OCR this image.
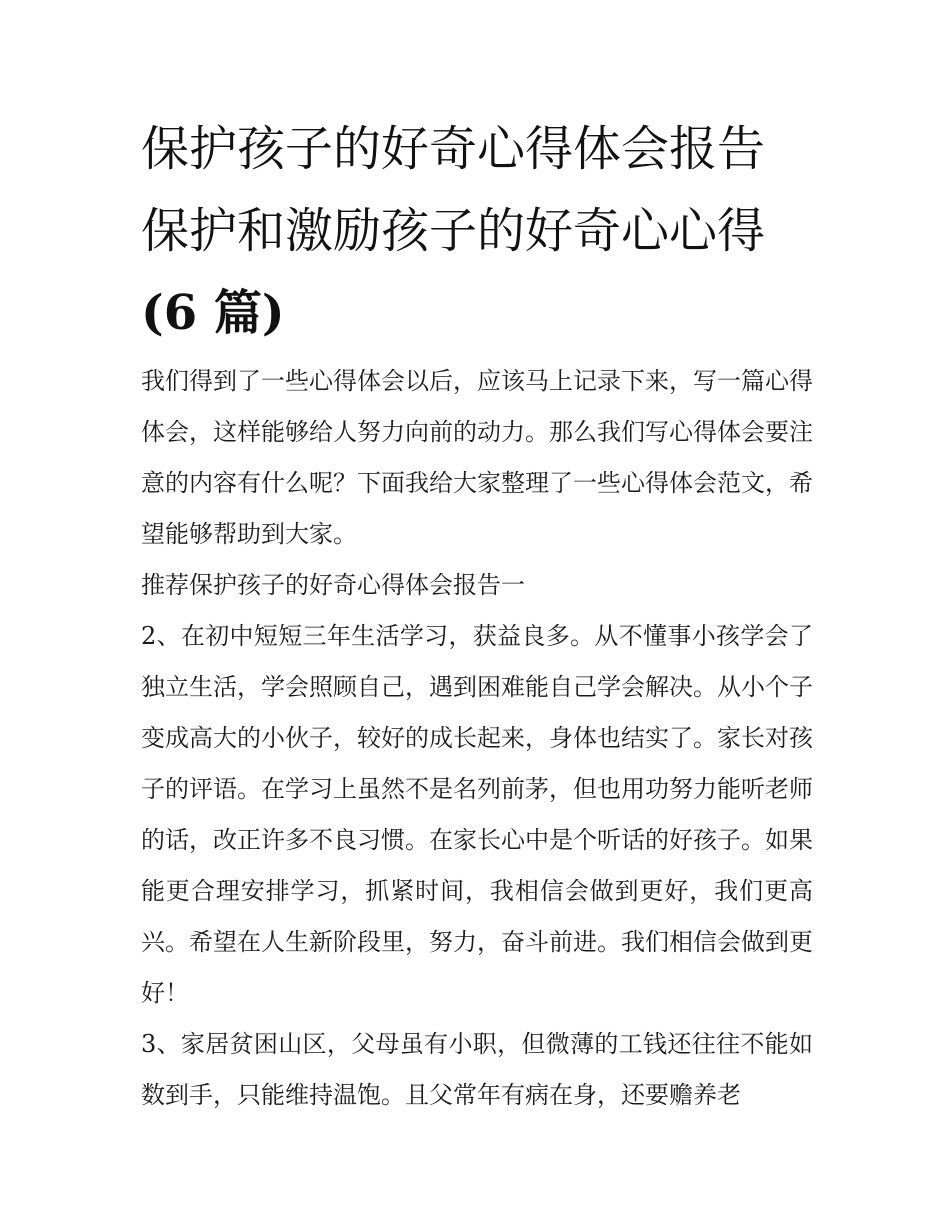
保护孩子的好奇心得体会报告
保护和激励孩子的好奇心心得
(6 篇)

我们得到了一些心得体会以后，应该马上记录下来，写一篇心得体会，这样能够给人努力向前的动力。那么我们写心得体会要注意的内容有什么呢？下面我给大家整理了一些心得体会范文，希望能够帮助到大家。

推荐保护孩子的好奇心得体会报告一

2、在初中短短三年生活学习，获益良多。从不懂事小孩学会了独立生活，学会照顾自己，遇到困难能自己学会解决。从小个子变成高大的小伙子，较好的成长起来，身体也结实了。家长对孩子的评语。在学习上虽然不是名列前茅，但也用功努力能听老师的话，改正许多不良习惯。在家长心中是个听话的好孩子。如果能更合理安排学习，抓紧时间，我相信会做到更好，我们更高兴。希望在人生新阶段里，努力，奋斗前进。我们相信会做到更好！

3、家居贫困山区，父母虽有小职，但微薄的工钱还往往不能如数到手，只能维持温饱。且父常年有病在身，还要赡养老
